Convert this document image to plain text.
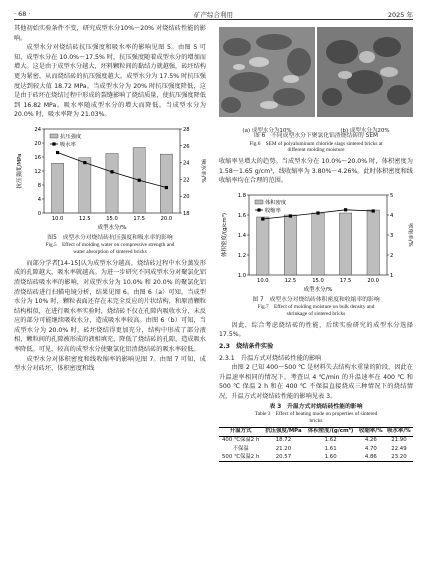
· 68 ·	矿产综合利用	2025 年

其他初始实验条件不变，研究成型水分10%～20% 对烧结砖性能的影响。

成型水分对烧结砖抗压强度和吸水率的影响见图 5。由图 5 可知，成型水分在 10.0%～17.5% 时，抗压强度随着成型水分的增加而增大。这是由于成型水分越大，坯料颗粒间的黏结力就越强，砖坯结构更为紧密，从而烧结砖的抗压强度越大。成型水分为 17.5% 时抗压强度达到较大值 18.72 MPa。当成型水分为 20% 时抗压强度降低，这是由于砖坯在烧结过程中形成的裂缝影响了烧结质量，使抗压强度降低到 16.82 MPa。吸水率随成型水分的增大而降低。当成型水分为 20.0% 时，吸水率降为 21.03%。

0
4
8
12
16
20
24
18
20
22
24
26
28
10.0	12.5	15.0	17.5	20.0
成型水分/%
抗压强度/MPa	吸水率/%
抗压强度
吸水率
图5　成型水分对烧结砖抗压强度和吸水率的影响
Fig.5　Effect of molding water on compressive strength and
water absorption of sintered bricks

而部分学者[14-15]认为成型水分越高，烧结砖过程中水分蒸发形成的孔隙越大，吸水率就越高。为进一步研究不同成型水分对聚氯化铝渣烧结砖吸水率的影响，对成型水分为 10.0% 和 20.0% 的聚氯化铝渣烧结砖进行扫描电镜分析，结果见图 6。由图 6（a）可知，当成型水分为 10% 时，颗粒表面还存在未完全反应的片状结构，和原渣颗粒结构相似，在进行吸水率实验时，烧结砖不仅在孔隙内吸收水分，未反应的部分可能继续吸收水分，造成吸水率较高。由图 6（b）可知，当成型水分为 20.0% 时，砖坯烧结得更加充分，结构中形成了部分液相，颗粒间的孔隙被形成的液相填充，降低了烧结砖的孔隙，造成吸水率降低。可见，较高的成型水分使聚氯化铝渣烧结砖的吸水率较低。

成型水分对体积密度和线收缩率的影响见图 7。由图 7 可知，成型水分对砖坯、体积密度和线

(a) 成型水分为10%	(b) 成型水分为20%
图 6　不同成型水分下聚氯化铝渣烧结砖的 SEM
Fig.6　SEM of polyaluminum chloride slags sintered bricks at
different molding moisture

收缩率呈增大的趋势。当成型水分在 10.0%～20.0% 时，体积密度为 1.58～1.65 g/cm³，线收缩率为 3.80%～4.26%。此时体积密度和线收缩率均在合理的范围。

1.0
1.2
1.4
1.6
1.8
1
2
3
4
5
10.0	12.5	15.0	17.5	20.0
成型水分/%
体积密度/(g/cm³)	收缩率/%
体积密度
收缩率
图 7　成型水分对烧结砖体积密度和收缩率的影响
Fig.7　Effect of molding moisture on bulk density and
shrinkage of sintered bricks

因此，综合考虑烧结砖的性能，后续实验研究的成型水分选择 17.5%。

2.3　烧结条件实验
2.3.1　升温方式对烧结砖性能的影响

由图 2 已知 400～500 ℃ 是材料失去结构水重量的阶段，因此在升温速率相同的情况下，考查以 4 ℃/min 的升温速率在 400 ℃ 和 500 ℃ 保温 2 h 和在 400 ℃ 不保温直接烧成三种情况下的烧结情况，升温方式对烧结砖性能的影响见表 3。

表 3　升温方式对烧结砖性能的影响
Table 3　Effect of heating mode on properties of sintered
bricks
升温方式	抗压强度/MPa	体积密度/(g/cm³)	收缩率/%	吸水率/%
400 ℃保温2 h	18.72	1.62	4.26	21.90
不保温	21.20	1.61	4.70	22.49
500 ℃保温2 h	20.57	1.60	4.86	23.20
